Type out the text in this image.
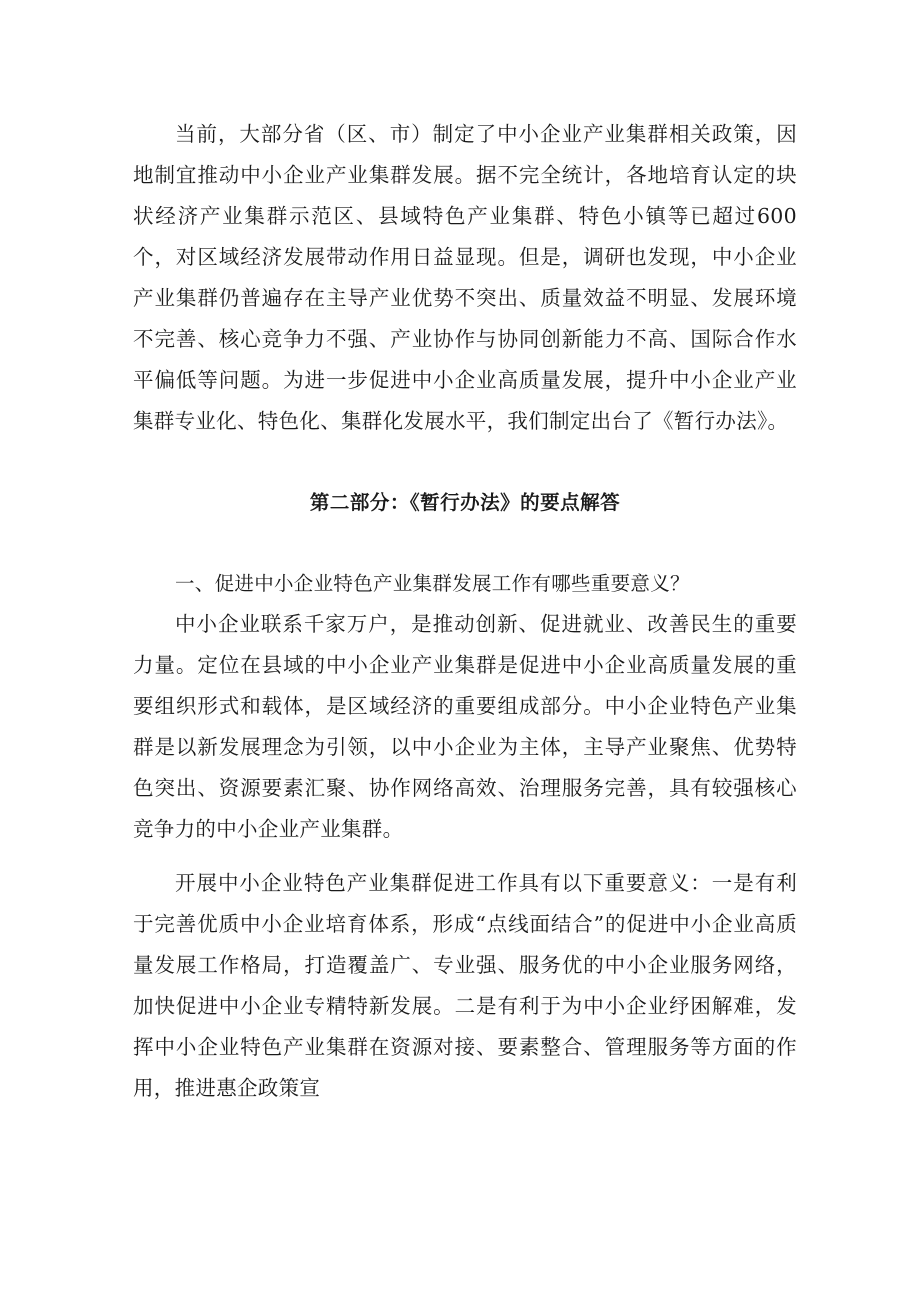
当前，大部分省（区、市）制定了中小企业产业集群相关政策，因地制宜推动中小企业产业集群发展。据不完全统计，各地培育认定的块状经济产业集群示范区、县域特色产业集群、特色小镇等已超过600个，对区域经济发展带动作用日益显现。但是，调研也发现，中小企业产业集群仍普遍存在主导产业优势不突出、质量效益不明显、发展环境不完善、核心竞争力不强、产业协作与协同创新能力不高、国际合作水平偏低等问题。为进一步促进中小企业高质量发展，提升中小企业产业集群专业化、特色化、集群化发展水平，我们制定出台了《暂行办法》。

第二部分：《暂行办法》的要点解答

一、促进中小企业特色产业集群发展工作有哪些重要意义？

中小企业联系千家万户，是推动创新、促进就业、改善民生的重要力量。定位在县域的中小企业产业集群是促进中小企业高质量发展的重要组织形式和载体，是区域经济的重要组成部分。中小企业特色产业集群是以新发展理念为引领，以中小企业为主体，主导产业聚焦、优势特色突出、资源要素汇聚、协作网络高效、治理服务完善，具有较强核心竞争力的中小企业产业集群。

开展中小企业特色产业集群促进工作具有以下重要意义：一是有利于完善优质中小企业培育体系，形成“点线面结合”的促进中小企业高质量发展工作格局，打造覆盖广、专业强、服务优的中小企业服务网络，加快促进中小企业专精特新发展。二是有利于为中小企业纾困解难，发挥中小企业特色产业集群在资源对接、要素整合、管理服务等方面的作用，推进惠企政策宣
